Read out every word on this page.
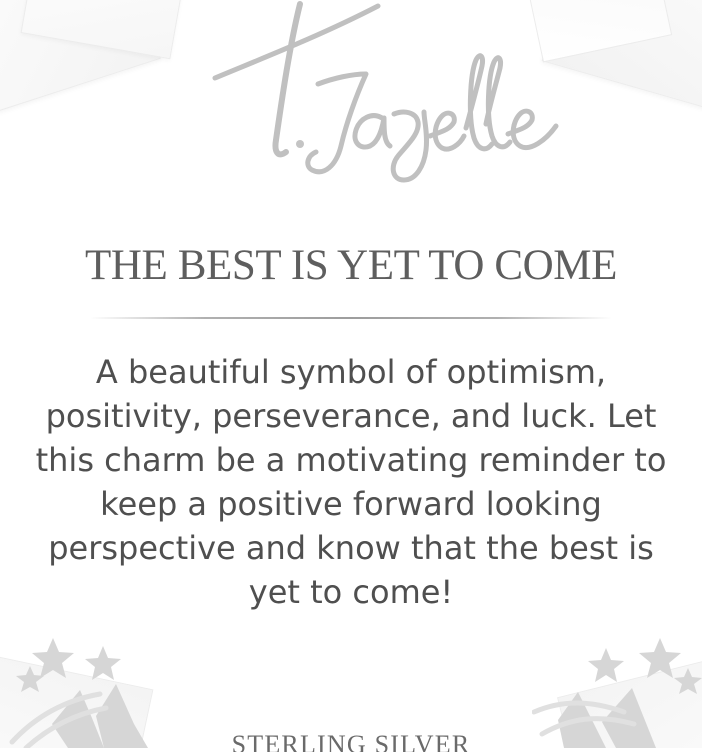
THE BEST IS YET TO COME
A beautiful symbol of optimism, positivity, perseverance, and luck. Let this charm be a motivating reminder to keep a positive forward looking perspective and know that the best is yet to come!
STERLING SILVER
